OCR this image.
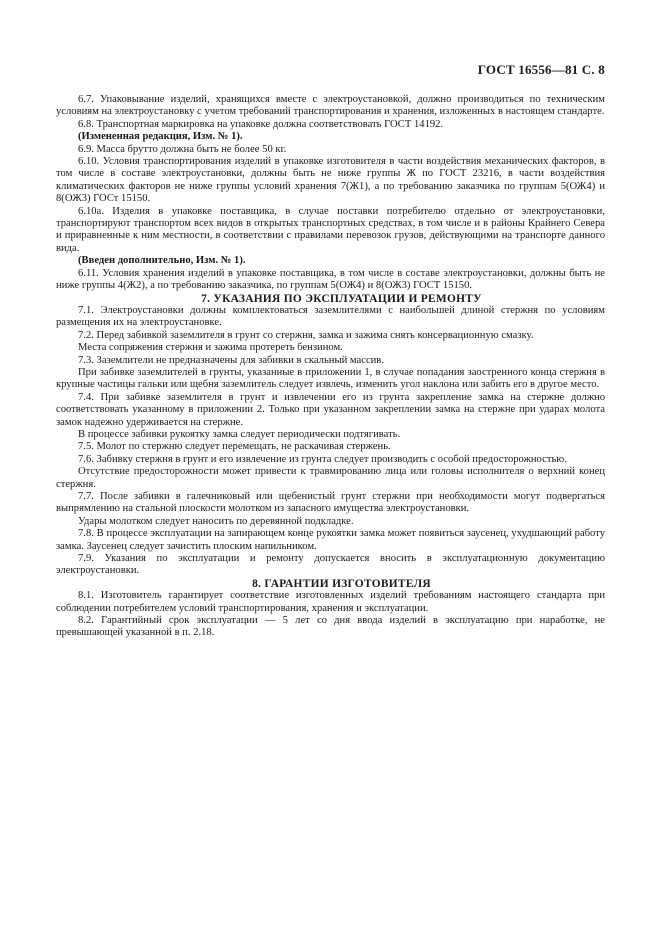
ГОСТ 16556—81 С. 8

6.7. Упаковывание изделий, хранящихся вместе с электроустановкой, должно производиться по техническим условиям на электроустановку с учетом требований транспортирования и хранения, изложенных в настоящем стандарте.

6.8. Транспортная маркировка на упаковке должна соответствовать ГОСТ 14192.

(Измененная редакция, Изм. № 1).

6.9. Масса брутто должна быть не более 50 кг.

6.10. Условия транспортирования изделий в упаковке изготовителя в части воздействия механических факторов, в том числе в составе электроустановки, должны быть не ниже группы Ж по ГОСТ 23216, в части воздействия климатических факторов не ниже группы условий хранения 7(Ж1), а по требованию заказчика по группам 5(ОЖ4) и 8(ОЖ3) ГОСт 15150.

6.10а. Изделия в упаковке поставщика, в случае поставки потребителю отдельно от электроустановки, транспортируют транспортом всех видов в открытых транспортных средствах, в том числе и в районы Крайнего Севера и приравненные к ним местности, в соответствии с правилами перевозок грузов, действующими на транспорте данного вида.

(Введен дополнительно, Изм. № 1).

6.11. Условия хранения изделий в упаковке поставщика, в том числе в составе электроустановки, должны быть не ниже группы 4(Ж2), а по требованию заказчика, по группам 5(ОЖ4) и 8(ОЖ3) ГОСТ 15150.

7. УКАЗАНИЯ ПО ЭКСПЛУАТАЦИИ И РЕМОНТУ

7.1. Электроустановки должны комплектоваться заземлителями с наибольшей длиной стержня по условиям размещения их на электроустановке.

7.2. Перед забивкой заземлителя в грунт со стержня, замка и зажима снять консервационную смазку.

Места сопряжения стержня и зажима протереть бензином.

7.3. Заземлители не предназначены для забивки в скальный массив.

При забивке заземлителей в грунты, указанные в приложении 1, в случае попадания заостренного конца стержня в крупные частицы гальки или щебня заземлитель следует извлечь, изменить угол наклона или забить его в другое место.

7.4. При забивке заземлителя в грунт и извлечении его из грунта закрепление замка на стержне должно соответствовать указанному в приложении 2. Только при указанном закреплении замка на стержне при ударах молота замок надежно удерживается на стержне.

В процессе забивки рукоятку замка следует периодически подтягивать.

7.5. Молот по стержню следует перемещать, не раскачивая стержень.

7.6. Забивку стержня в грунт и его извлечение из грунта следует производить с особой предосторожностью.

Отсутствие предосторожности может привести к травмированию лица или головы исполнителя о верхний конец стержня.

7.7. После забивки в галечниковый или щебенистый грунт стержни при необходимости могут подвергаться выпрямлению на стальной плоскости молотком из запасного имущества электроустановки.

Удары молотком следует наносить по деревянной подкладке.

7.8. В процессе эксплуатации на запирающем конце рукоятки замка может появиться заусенец, ухудшающий работу замка. Заусенец следует зачистить плоским напильником.

7.9. Указания по эксплуатации и ремонту допускается вносить в эксплуатационную документацию электроустановки.

8. ГАРАНТИИ ИЗГОТОВИТЕЛЯ

8.1. Изготовитель гарантирует соответствие изготовленных изделий требованиям настоящего стандарта при соблюдении потребителем условий транспортирования, хранения и эксплуатации.

8.2. Гарантийный срок эксплуатации — 5 лет со дня ввода изделий в эксплуатацию при наработке, не превышающей указанной в п. 2.18.
